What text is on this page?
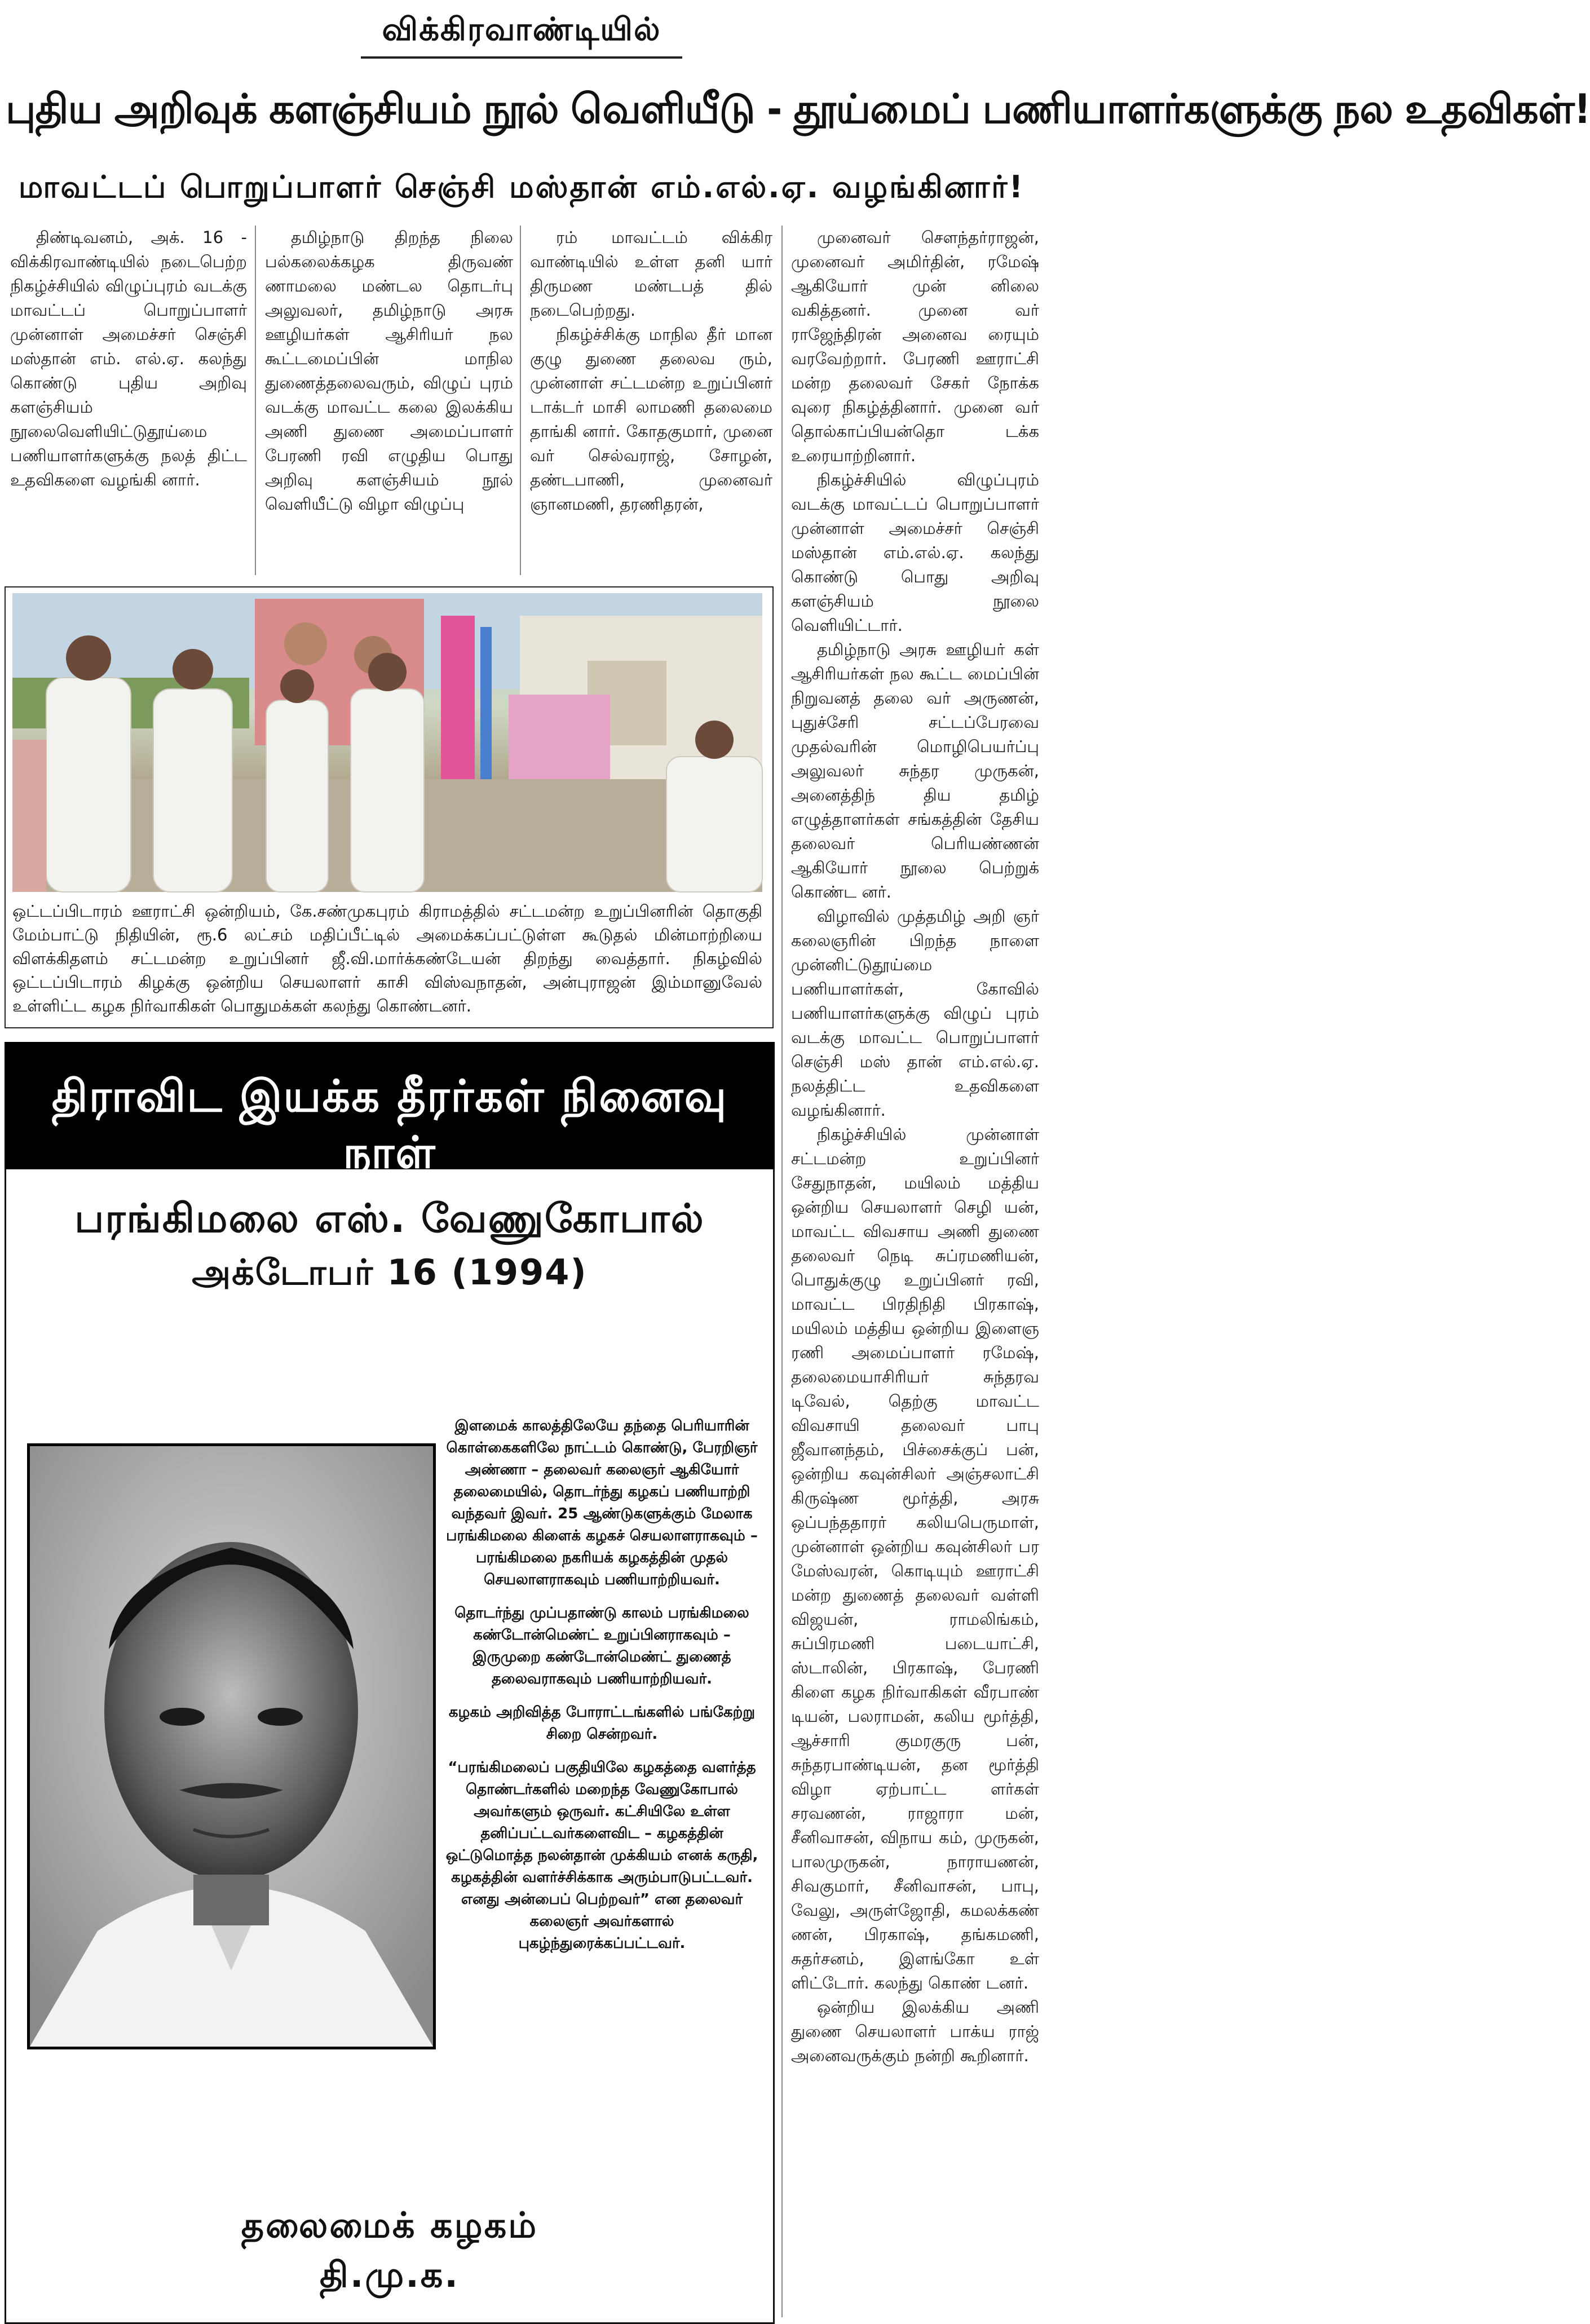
விக்கிரவாண்டியில்
புதிய அறிவுக் களஞ்சியம் நூல் வெளியீடு - தூய்மைப் பணியாளர்களுக்கு நல உதவிகள்!
மாவட்டப் பொறுப்பாளர் செஞ்சி மஸ்தான் எம்.எல்.ஏ. வழங்கினார்!

திண்டிவனம், அக். 16 - விக்கிரவாண்டியில் நடைபெற்ற நிகழ்ச்சியில் விழுப்புரம் வடக்கு மாவட்டப் பொறுப்பாளர் முன்னாள் அமைச்சர் செஞ்சி மஸ்தான் எம். எல்.ஏ. கலந்து கொண்டு புதிய அறிவு களஞ்சியம் நூலைவெளியிட்டுதூய்மை பணியாளர்களுக்கு நலத் திட்ட உதவிகளை வழங்கி னார்.

தமிழ்நாடு திறந்த நிலை பல்கலைக்கழக திருவண் ணாமலை மண்டல தொடர்பு அலுவலர், தமிழ்நாடு அரசு ஊழியர்கள் ஆசிரியர் நல கூட்டமைப்பின் மாநில துணைத்தலைவரும், விழுப் புரம் வடக்கு மாவட்ட கலை இலக்கிய அணி துணை அமைப்பாளர் பேரணி ரவி எழுதிய பொது அறிவு களஞ்சியம் நூல் வெளியீட்டு விழா விழுப்பு

ரம் மாவட்டம் விக்கிர வாண்டியில் உள்ள தனி யார் திருமண மண்டபத் தில் நடைபெற்றது.

நிகழ்ச்சிக்கு மாநில தீர் மான குழு துணை தலைவ ரும், முன்னாள் சட்டமன்ற உறுப்பினர் டாக்டர் மாசி லாமணி தலைமை தாங்கி னார். கோதகுமார், முனை வர் செல்வராஜ், சோழன், தண்டபாணி, முனைவர் ஞானமணி, தரணிதரன்,

ஒட்டப்பிடாரம் ஊராட்சி ஒன்றியம், கே.சண்முகபுரம் கிராமத்தில் சட்டமன்ற உறுப்பினரின் தொகுதி மேம்பாட்டு நிதியின், ரூ.6 லட்சம் மதிப்பீட்டில் அமைக்கப்பட்டுள்ள கூடுதல் மின்மாற்றியை விளக்கிதளம் சட்டமன்ற உறுப்பினர் ஜீ.வி.மார்க்கண்டேயன் திறந்து வைத்தார். நிகழ்வில் ஒட்டப்பிடாரம் கிழக்கு ஒன்றிய செயலாளர் காசி விஸ்வநாதன், அன்புராஜன் இம்மானுவேல் உள்ளிட்ட கழக நிர்வாகிகள் பொதுமக்கள் கலந்து கொண்டனர்.
திராவிட இயக்க தீரர்கள் நினைவு நாள்
பரங்கிமலை எஸ். வேணுகோபால்
அக்டோபர் 16 (1994)

இளமைக் காலத்திலேயே தந்தை பெரியாரின் கொள்கைகளிலே நாட்டம் கொண்டு, பேரறிஞர் அண்ணா – தலைவர் கலைஞர் ஆகியோர் தலைமையில், தொடர்ந்து கழகப் பணியாற்றி வந்தவர் இவர். 25 ஆண்டுகளுக்கும் மேலாக பரங்கிமலை கிளைக் கழகச் செயலாளராகவும் – பரங்கிமலை நகரியக் கழகத்தின் முதல் செயலாளராகவும் பணியாற்றியவர்.

தொடர்ந்து முப்பதாண்டு காலம் பரங்கிமலை கண்டோன்மெண்ட் உறுப்பினராகவும் – இருமுறை கண்டோன்மெண்ட் துணைத் தலைவராகவும் பணியாற்றியவர்.

கழகம் அறிவித்த போராட்டங்களில் பங்கேற்று சிறை சென்றவர்.

“பரங்கிமலைப் பகுதியிலே கழகத்தை வளர்த்த தொண்டர்களில் மறைந்த வேணுகோபால் அவர்களும் ஒருவர். கட்சியிலே உள்ள தனிப்பட்டவர்களைவிட – கழகத்தின் ஒட்டுமொத்த நலன்தான் முக்கியம் எனக் கருதி, கழகத்தின் வளர்ச்சிக்காக அரும்பாடுபட்டவர். எனது அன்பைப் பெற்றவர்” என தலைவர் கலைஞர் அவர்களால் புகழ்ந்துரைக்கப்பட்டவர்.

தலைமைக் கழகம்
தி.மு.க.

முனைவர் சௌந்தர்ராஜன், முனைவர் அமிர்தின், ரமேஷ் ஆகியோர் முன் னிலை வகித்தனர். முனை வர் ராஜேந்திரன் அனைவ ரையும் வரவேற்றார். பேரணி ஊராட்சி மன்ற தலைவர் சேகர் நோக்க வுரை நிகழ்த்தினார். முனை வர் தொல்காப்பியன்தொ டக்க உரையாற்றினார்.

நிகழ்ச்சியில் விழுப்புரம் வடக்கு மாவட்டப் பொறுப்பாளர் முன்னாள் அமைச்சர் செஞ்சி மஸ்தான் எம்.எல்.ஏ. கலந்து கொண்டு பொது அறிவு களஞ்சியம் நூலை வெளியிட்டார்.

தமிழ்நாடு அரசு ஊழியர் கள் ஆசிரியர்கள் நல கூட்ட மைப்பின் நிறுவனத் தலை வர் அருணன், புதுச்சேரி சட்டப்பேரவை முதல்வரின் மொழிபெயர்ப்பு அலுவலர் சுந்தர முருகன், அனைத்திந் திய தமிழ் எழுத்தாளர்கள் சங்கத்தின் தேசிய தலைவர் பெரியண்ணன் ஆகியோர் நூலை பெற்றுக் கொண்ட னர்.

விழாவில் முத்தமிழ் அறி ஞர் கலைஞரின் பிறந்த நாளை முன்னிட்டுதூய்மை பணியாளர்கள், கோவில் பணியாளர்களுக்கு விழுப் புரம் வடக்கு மாவட்ட பொறுப்பாளர் செஞ்சி மஸ் தான் எம்.எல்.ஏ. நலத்திட்ட உதவிகளை வழங்கினார்.

நிகழ்ச்சியில் முன்னாள் சட்டமன்ற உறுப்பினர் சேதுநாதன், மயிலம் மத்திய ஒன்றிய செயலாளர் செழி யன், மாவட்ட விவசாய அணி துணை தலைவர் நெடி சுப்ரமணியன், பொதுக்குழு உறுப்பினர் ரவி, மாவட்ட பிரதிநிதி பிரகாஷ், மயிலம் மத்திய ஒன்றிய இளைஞ ரணி அமைப்பாளர் ரமேஷ், தலைமையாசிரியர் சுந்தரவ டிவேல், தெற்கு மாவட்ட விவசாயி தலைவர் பாபு ஜீவானந்தம், பிச்சைக்குப் பன், ஒன்றிய கவுன்சிலர் அஞ்சலாட்சி கிருஷ்ண மூர்த்தி, அரசு ஒப்பந்ததாரர் கலியபெருமாள், முன்னாள் ஒன்றிய கவுன்சிலர் பர மேஸ்வரன், கொடியும் ஊராட்சி மன்ற துணைத் தலைவர் வள்ளி விஜயன், ராமலிங்கம், சுப்பிரமணி படையாட்சி, ஸ்டாலின், பிரகாஷ், பேரணி கிளை கழக நிர்வாகிகள் வீரபாண் டியன், பலராமன், கலிய மூர்த்தி, ஆச்சாரி குமரகுரு பன், சுந்தரபாண்டியன், தன மூர்த்தி விழா ஏற்பாட்ட ளர்கள் சரவணன், ராஜாரா மன், சீனிவாசன், விநாய கம், முருகன், பாலமுருகன், நாராயணன், சிவகுமார், சீனிவாசன், பாபு, வேலு, அருள்ஜோதி, கமலக்கண் ணன், பிரகாஷ், தங்கமணி, சுதர்சனம், இளங்கோ உள் ளிட்டோர். கலந்து கொண் டனர்.

ஒன்றிய இலக்கிய அணி துணை செயலாளர் பாக்ய ராஜ் அனைவருக்கும் நன்றி கூறினார்.
